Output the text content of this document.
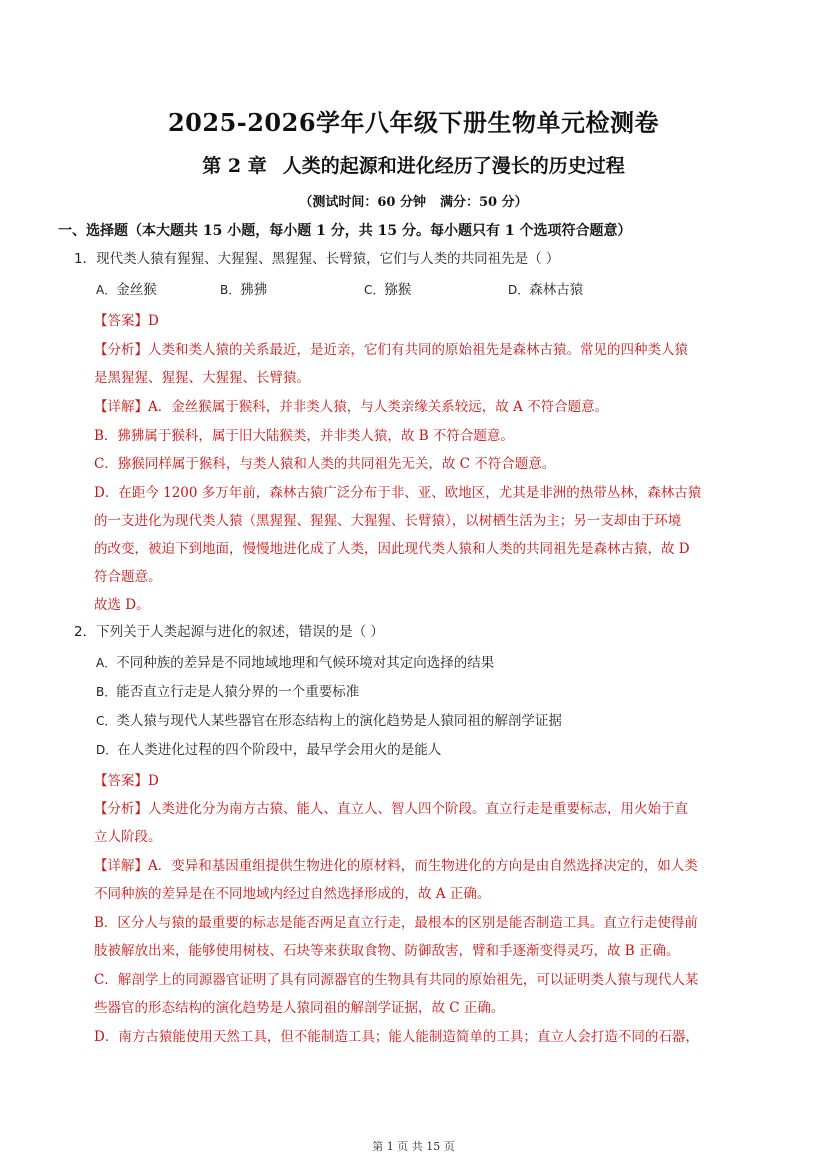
2025-2026学年八年级下册生物单元检测卷
第 2 章 人类的起源和进化经历了漫长的历史过程
（测试时间：60 分钟 满分：50 分）
一、选择题（本大题共 15 小题，每小题 1 分，共 15 分。每小题只有 1 个选项符合题意）
1．现代类人猿有猩猩、大猩猩、黑猩猩、长臂猿，它们与人类的共同祖先是（ ）
A．金丝猴	B．狒狒	C．猕猴	D．森林古猿
【答案】D
【分析】人类和类人猿的关系最近，是近亲，它们有共同的原始祖先是森林古猿。常见的四种类人猿
是黑猩猩、猩猩、大猩猩、长臂猿。
【详解】A．金丝猴属于猴科，并非类人猿，与人类亲缘关系较远，故 A 不符合题意。
B．狒狒属于猴科，属于旧大陆猴类，并非类人猿，故 B 不符合题意。
C．猕猴同样属于猴科，与类人猿和人类的共同祖先无关，故 C 不符合题意。
D．在距今 1200 多万年前，森林古猿广泛分布于非、亚、欧地区，尤其是非洲的热带丛林，森林古猿
的一支进化为现代类人猿（黑猩猩、猩猩、大猩猩、长臂猿），以树栖生活为主；另一支却由于环境
的改变，被迫下到地面，慢慢地进化成了人类，因此现代类人猿和人类的共同祖先是森林古猿，故 D
符合题意。
故选 D。
2．下列关于人类起源与进化的叙述，错误的是（ ）
A．不同种族的差异是不同地域地理和气候环境对其定向选择的结果
B．能否直立行走是人猿分界的一个重要标准
C．类人猿与现代人某些器官在形态结构上的演化趋势是人猿同祖的解剖学证据
D．在人类进化过程的四个阶段中，最早学会用火的是能人
【答案】D
【分析】人类进化分为南方古猿、能人、直立人、智人四个阶段。直立行走是重要标志，用火始于直
立人阶段。
【详解】A．变异和基因重组提供生物进化的原材料，而生物进化的方向是由自然选择决定的，如人类
不同种族的差异是在不同地域内经过自然选择形成的，故 A 正确。
B．区分人与猿的最重要的标志是能否两足直立行走，最根本的区别是能否制造工具。直立行走使得前
肢被解放出来，能够使用树枝、石块等来获取食物、防御敌害，臂和手逐渐变得灵巧，故 B 正确。
C．解剖学上的同源器官证明了具有同源器官的生物具有共同的原始祖先，可以证明类人猿与现代人某
些器官的形态结构的演化趋势是人猿同祖的解剖学证据，故 C 正确。
D．南方古猿能使用天然工具，但不能制造工具；能人能制造简单的工具；直立人会打造不同的石器，
第 1 页 共 15 页
